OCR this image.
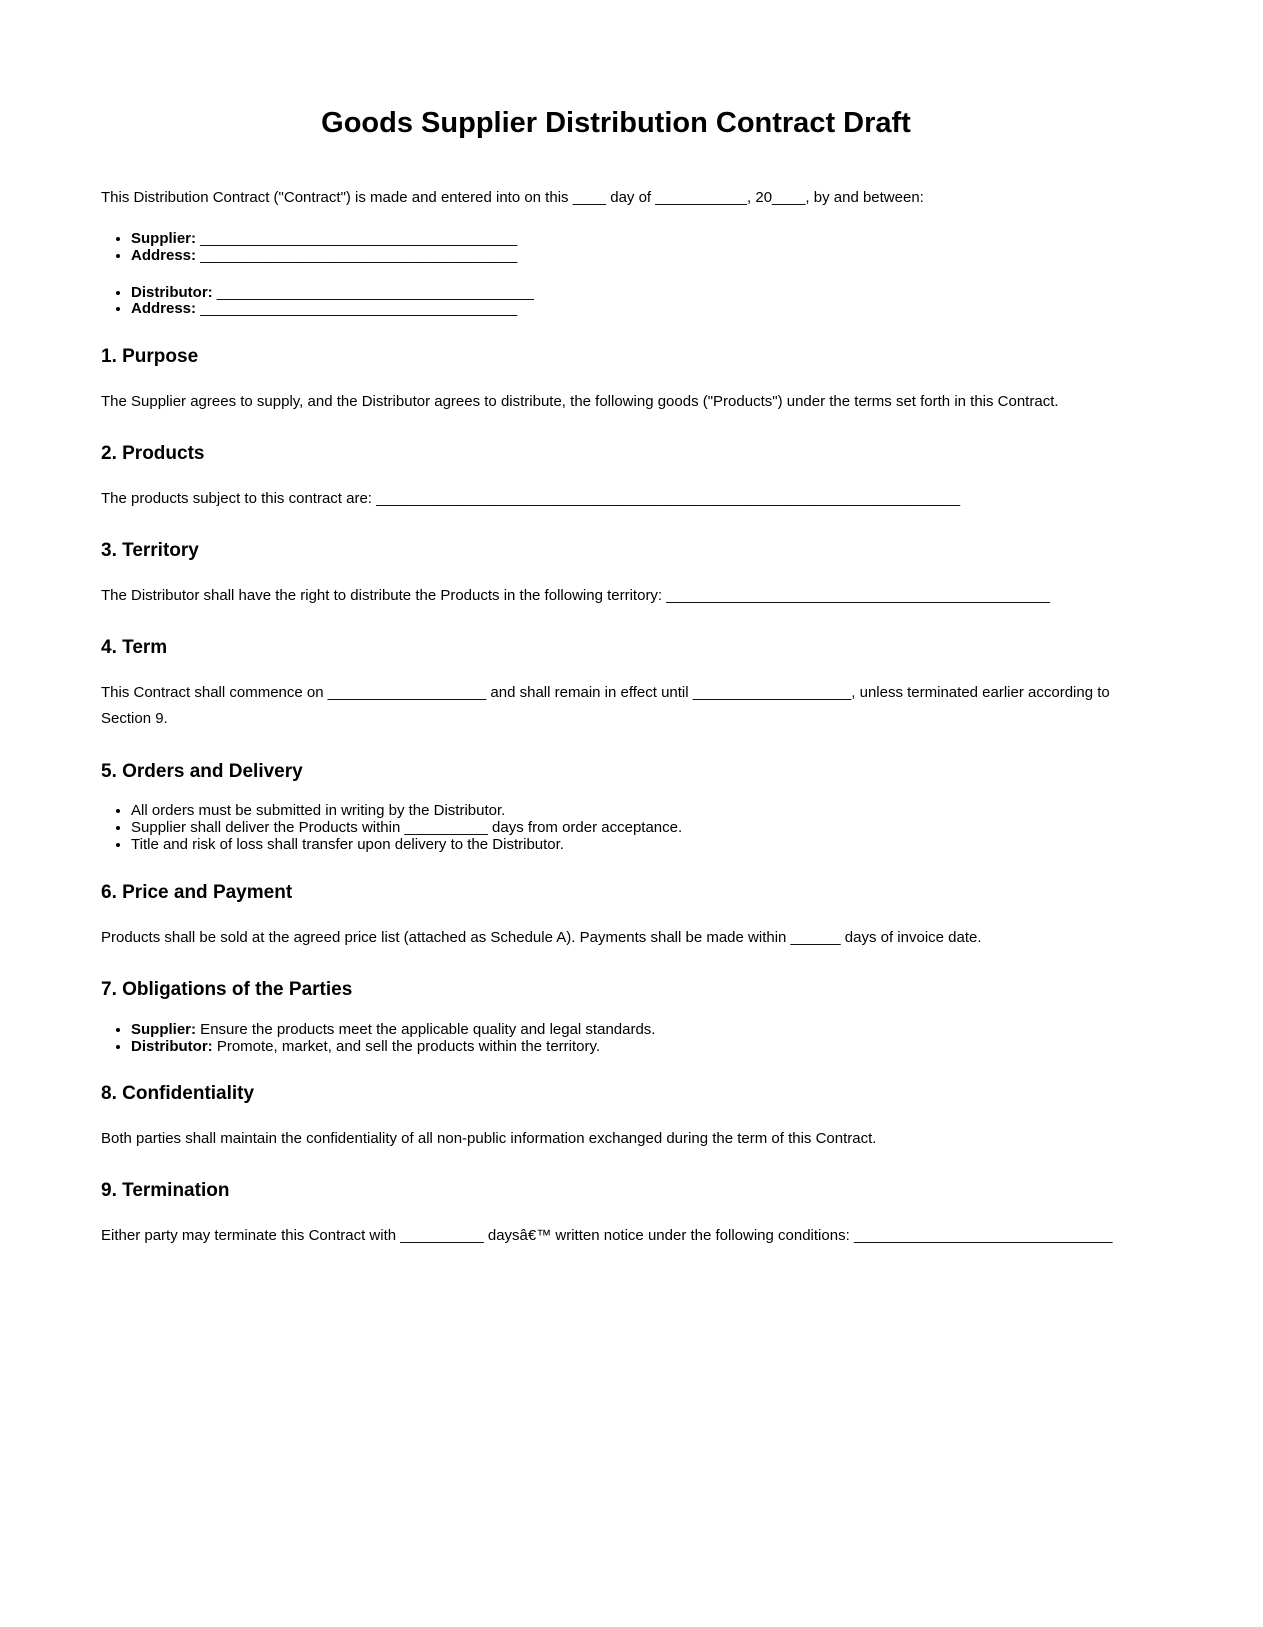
Goods Supplier Distribution Contract Draft

This Distribution Contract ("Contract") is made and entered into on this ____ day of ___________, 20____, by and between:

• Supplier: ______________________________________
• Address: ______________________________________
• Distributor: ______________________________________
• Address: ______________________________________
1. Purpose

The Supplier agrees to supply, and the Distributor agrees to distribute, the following goods ("Products") under the terms set forth in this Contract.

2. Products

The products subject to this contract are: ______________________________________________________________________

3. Territory

The Distributor shall have the right to distribute the Products in the following territory: ______________________________________________

4. Term

This Contract shall commence on ___________________ and shall remain in effect until ___________________, unless terminated earlier according to Section 9.

5. Orders and Delivery
• All orders must be submitted in writing by the Distributor.
• Supplier shall deliver the Products within __________ days from order acceptance.
• Title and risk of loss shall transfer upon delivery to the Distributor.
6. Price and Payment

Products shall be sold at the agreed price list (attached as Schedule A). Payments shall be made within ______ days of invoice date.

7. Obligations of the Parties
• Supplier: Ensure the products meet the applicable quality and legal standards.
• Distributor: Promote, market, and sell the products within the territory.
8. Confidentiality

Both parties shall maintain the confidentiality of all non-public information exchanged during the term of this Contract.

9. Termination

Either party may terminate this Contract with __________ daysâ€™ written notice under the following conditions: _______________________________
